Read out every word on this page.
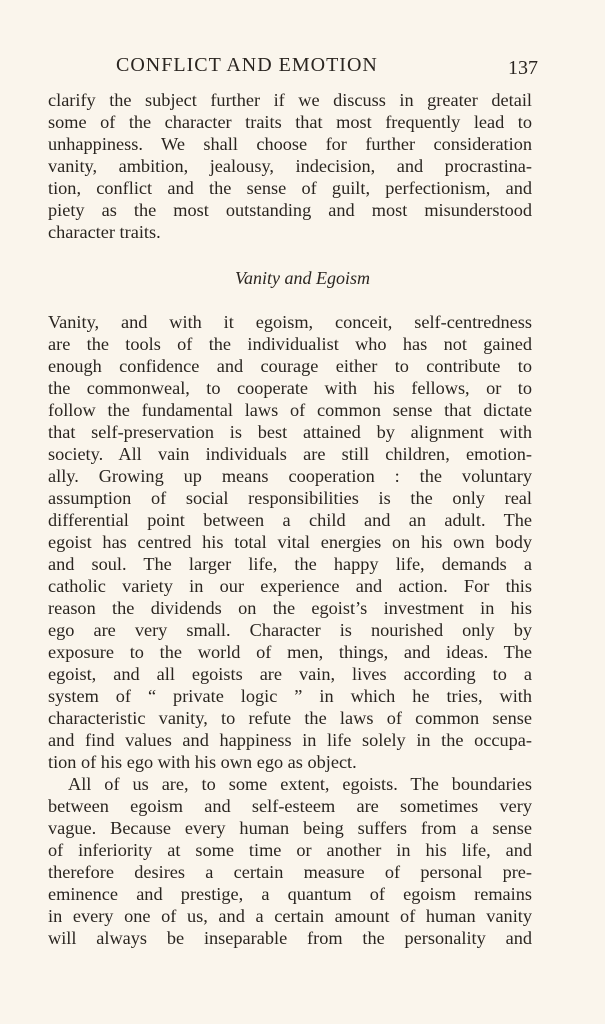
CONFLICT AND EMOTION	137
clarify the subject further if we discuss in greater detail
some of the character traits that most frequently lead to
unhappiness. We shall choose for further consideration
vanity, ambition, jealousy, indecision, and procrastina-
tion, conflict and the sense of guilt, perfectionism, and
piety as the most outstanding and most misunderstood
character traits.
Vanity and Egoism
Vanity, and with it egoism, conceit, self-centredness
are the tools of the individualist who has not gained
enough confidence and courage either to contribute to
the commonweal, to cooperate with his fellows, or to
follow the fundamental laws of common sense that dictate
that self-preservation is best attained by alignment with
society. All vain individuals are still children, emotion-
ally. Growing up means cooperation : the voluntary
assumption of social responsibilities is the only real
differential point between a child and an adult. The
egoist has centred his total vital energies on his own body
and soul. The larger life, the happy life, demands a
catholic variety in our experience and action. For this
reason the dividends on the egoist’s investment in his
ego are very small. Character is nourished only by
exposure to the world of men, things, and ideas. The
egoist, and all egoists are vain, lives according to a
system of “ private logic ” in which he tries, with
characteristic vanity, to refute the laws of common sense
and find values and happiness in life solely in the occupa-
tion of his ego with his own ego as object.
All of us are, to some extent, egoists. The boundaries
between egoism and self-esteem are sometimes very
vague. Because every human being suffers from a sense
of inferiority at some time or another in his life, and
therefore desires a certain measure of personal pre-
eminence and prestige, a quantum of egoism remains
in every one of us, and a certain amount of human vanity
will always be inseparable from the personality and
